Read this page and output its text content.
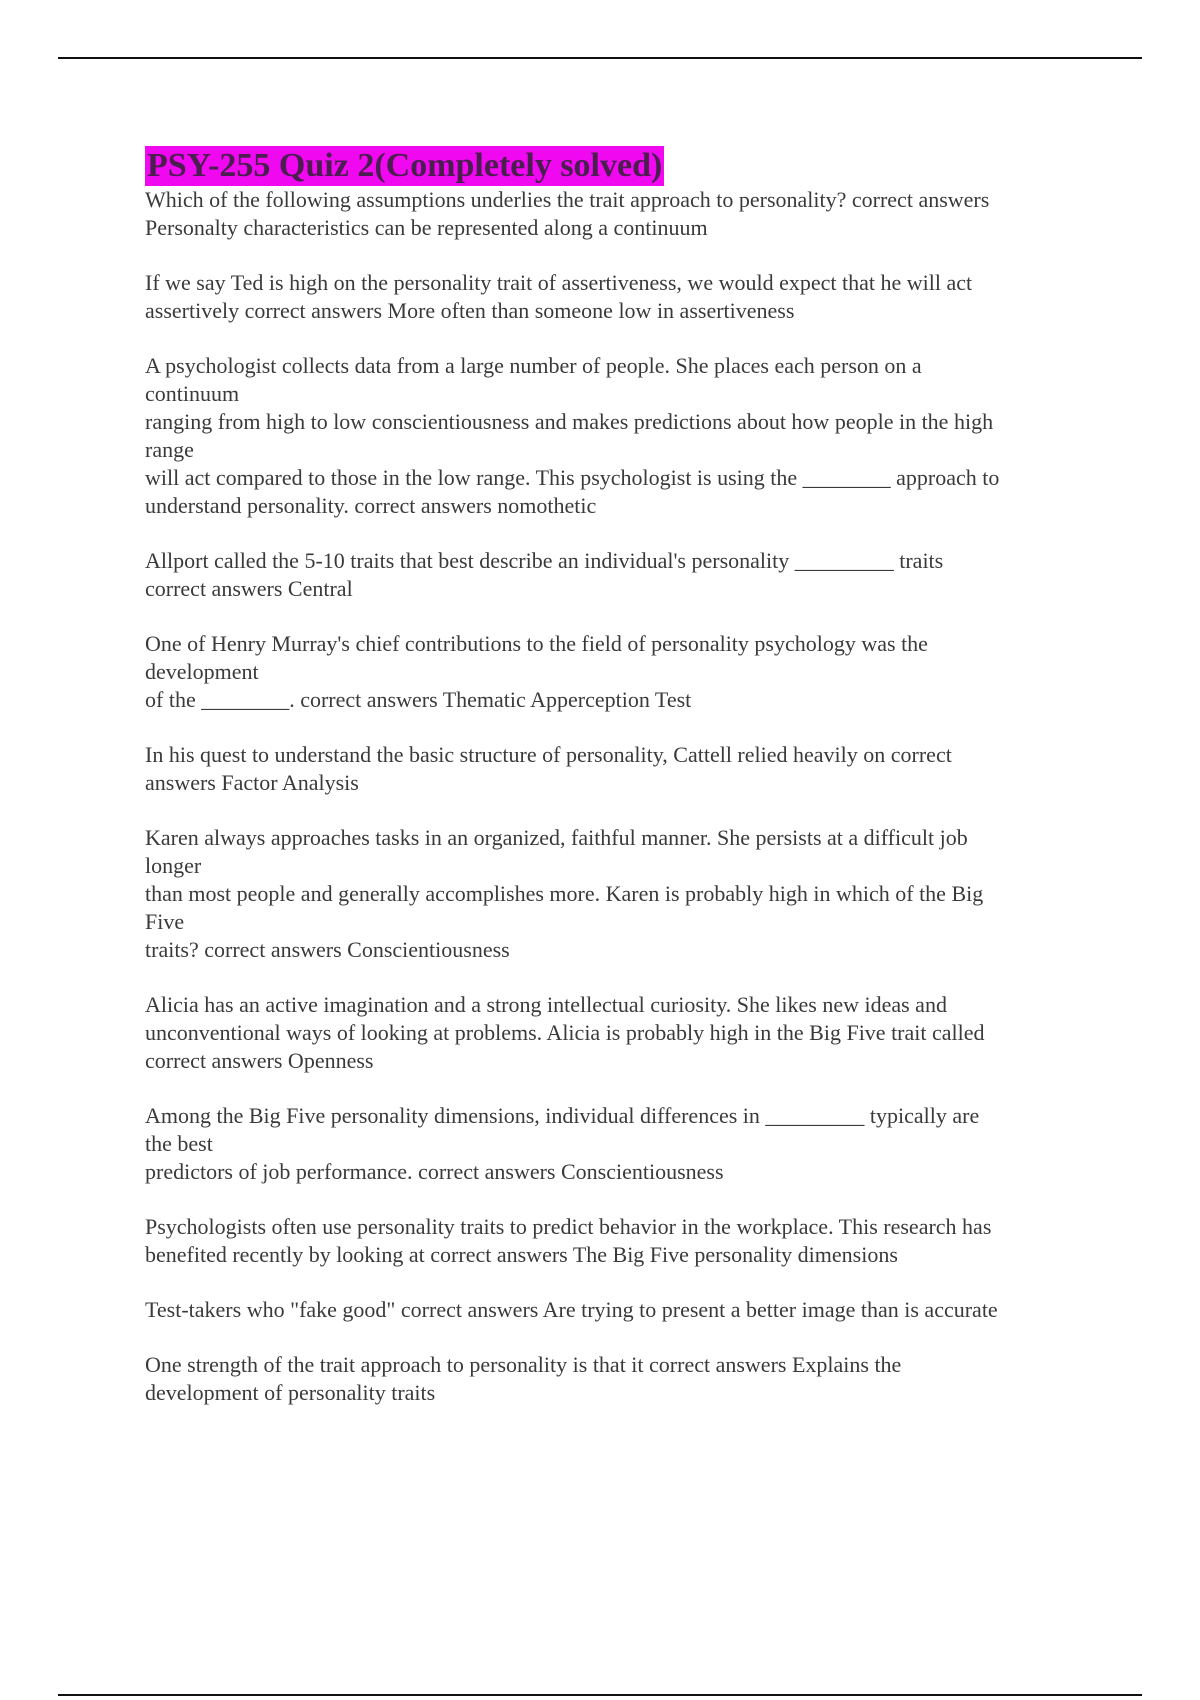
PSY-255 Quiz 2(Completely solved)
Which of the following assumptions underlies the trait approach to personality? correct answers
Personalty characteristics can be represented along a continuum
If we say Ted is high on the personality trait of assertiveness, we would expect that he will act
assertively correct answers More often than someone low in assertiveness
A psychologist collects data from a large number of people. She places each person on a
continuum
ranging from high to low conscientiousness and makes predictions about how people in the high
range
will act compared to those in the low range. This psychologist is using the ________ approach to
understand personality. correct answers nomothetic
Allport called the 5-10 traits that best describe an individual's personality _________ traits
correct answers Central
One of Henry Murray's chief contributions to the field of personality psychology was the
development
of the ________. correct answers Thematic Apperception Test
In his quest to understand the basic structure of personality, Cattell relied heavily on correct
answers Factor Analysis
Karen always approaches tasks in an organized, faithful manner. She persists at a difficult job
longer
than most people and generally accomplishes more. Karen is probably high in which of the Big
Five
traits? correct answers Conscientiousness
Alicia has an active imagination and a strong intellectual curiosity. She likes new ideas and
unconventional ways of looking at problems. Alicia is probably high in the Big Five trait called
correct answers Openness
Among the Big Five personality dimensions, individual differences in _________ typically are
the best
predictors of job performance. correct answers Conscientiousness
Psychologists often use personality traits to predict behavior in the workplace. This research has
benefited recently by looking at correct answers The Big Five personality dimensions
Test-takers who "fake good" correct answers Are trying to present a better image than is accurate
One strength of the trait approach to personality is that it correct answers Explains the
development of personality traits
